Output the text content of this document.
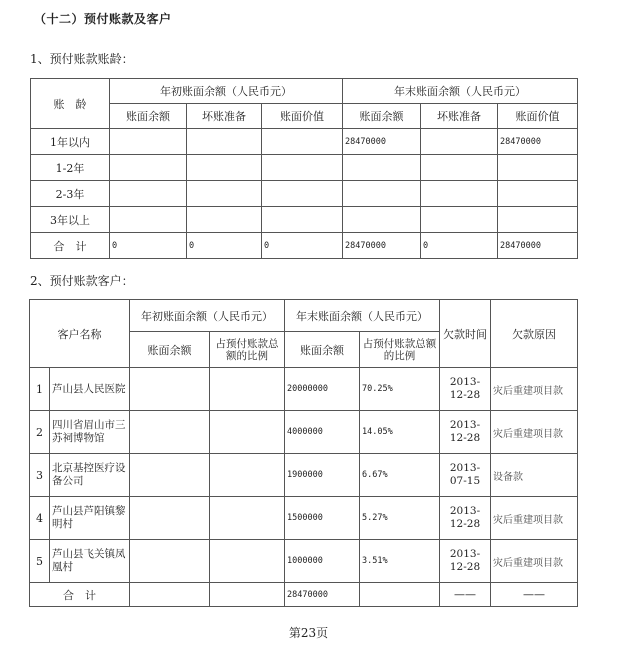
（十二）预付账款及客户
1、预付账款账龄：
账　龄	年初账面余额（人民币元）			年末账面余额（人民币元）		
	账面余额	坏账准备	账面价值	账面余额	坏账准备	账面价值
1年以内				28470000		28470000
1-2年						
2-3年						
3年以上						
合　计	0	0	0	28470000	0	28470000
2、预付账款客户：
客户名称		年初账面余额（人民币元）		年末账面余额（人民币元）		欠款时间	欠款原因
		账面余额	占预付账款总额的比例	账面余额	占预付账款总额的比例		
1	芦山县人民医院			20000000	70.25%	2013-12-28	灾后重建项目款
2	四川省眉山市三苏祠博物馆			4000000	14.05%	2013-12-28	灾后重建项目款
3	北京基控医疗设备公司			1900000	6.67%	2013-07-15	设备款
4	芦山县芦阳镇黎明村			1500000	5.27%	2013-12-28	灾后重建项目款
5	芦山县飞关镇凤凰村			1000000	3.51%	2013-12-28	灾后重建项目款
合　计				28470000		——	——
第23页
